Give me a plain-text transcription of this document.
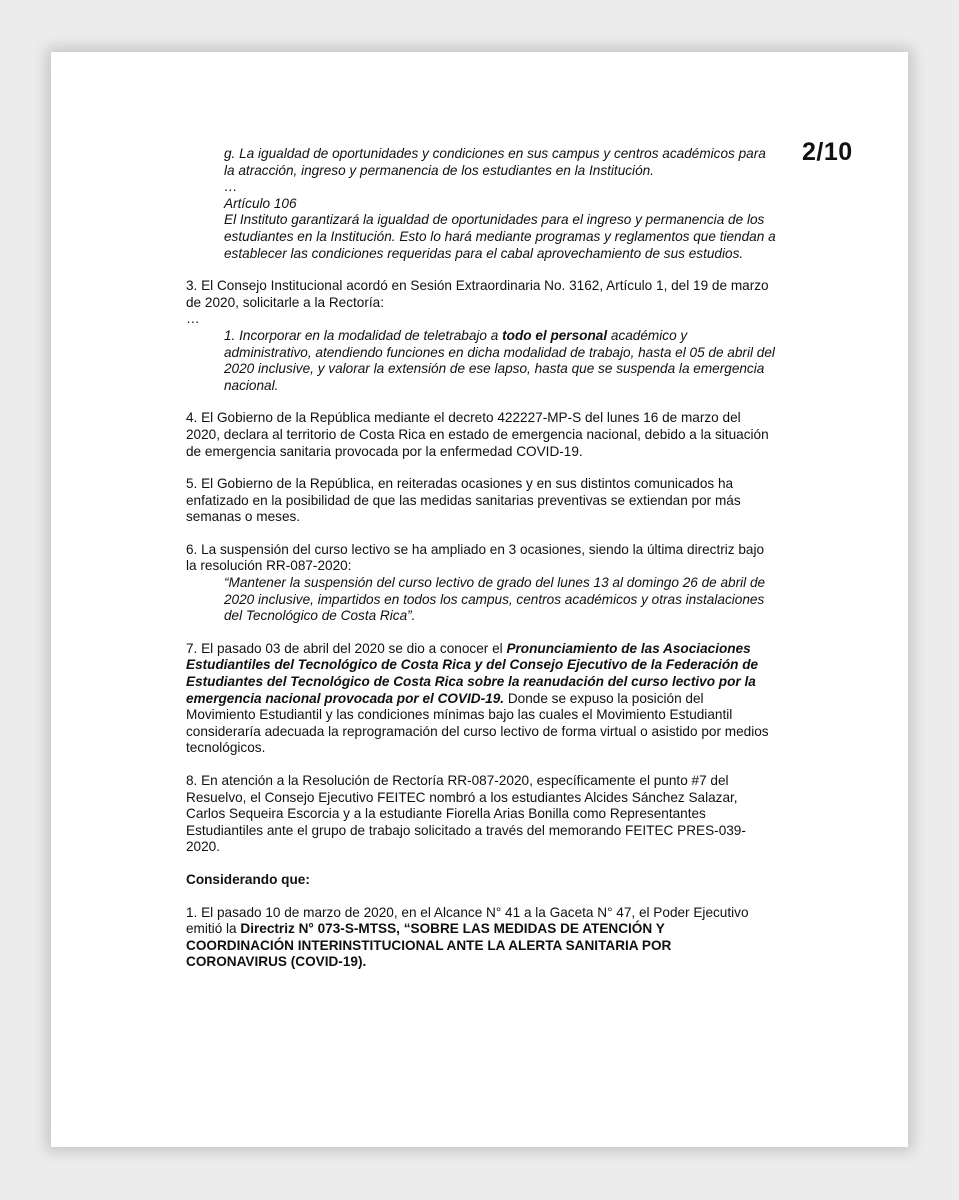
2/10

g. La igualdad de oportunidades y condiciones en sus campus y centros académicos para la atracción, ingreso y permanencia de los estudiantes en la Institución.

…

Artículo 106

El Instituto garantizará la igualdad de oportunidades para el ingreso y permanencia de los estudiantes en la Institución. Esto lo hará mediante programas y reglamentos que tiendan a establecer las condiciones requeridas para el cabal aprovechamiento de sus estudios.

3. El Consejo Institucional acordó en Sesión Extraordinaria No. 3162, Artículo 1, del 19 de marzo de 2020, solicitarle a la Rectoría:

…

1. Incorporar en la modalidad de teletrabajo a todo el personal académico y administrativo, atendiendo funciones en dicha modalidad de trabajo, hasta el 05 de abril del 2020 inclusive, y valorar la extensión de ese lapso, hasta que se suspenda la emergencia nacional.

4. El Gobierno de la República mediante el decreto 422227-MP-S del lunes 16 de marzo del 2020, declara al territorio de Costa Rica en estado de emergencia nacional, debido a la situación de emergencia sanitaria provocada por la enfermedad COVID-19.

5. El Gobierno de la República, en reiteradas ocasiones y en sus distintos comunicados ha enfatizado en la posibilidad de que las medidas sanitarias preventivas se extiendan por más semanas o meses.

6. La suspensión del curso lectivo se ha ampliado en 3 ocasiones, siendo la última directriz bajo la resolución RR-087-2020:

“Mantener la suspensión del curso lectivo de grado del lunes 13 al domingo 26 de abril de 2020 inclusive, impartidos en todos los campus, centros académicos y otras instalaciones del Tecnológico de Costa Rica”.

7. El pasado 03 de abril del 2020 se dio a conocer el Pronunciamiento de las Asociaciones Estudiantiles del Tecnológico de Costa Rica y del Consejo Ejecutivo de la Federación de Estudiantes del Tecnológico de Costa Rica sobre la reanudación del curso lectivo por la emergencia nacional provocada por el COVID-19. Donde se expuso la posición del Movimiento Estudiantil y las condiciones mínimas bajo las cuales el Movimiento Estudiantil consideraría adecuada la reprogramación del curso lectivo de forma virtual o asistido por medios tecnológicos.

8. En atención a la Resolución de Rectoría RR-087-2020, específicamente el punto #7 del Resuelvo, el Consejo Ejecutivo FEITEC nombró a los estudiantes Alcides Sánchez Salazar, Carlos Sequeira Escorcia y a la estudiante Fiorella Arias Bonilla como Representantes Estudiantiles ante el grupo de trabajo solicitado a través del memorando FEITEC PRES-039-2020.

Considerando que:

1. El pasado 10 de marzo de 2020, en el Alcance N° 41 a la Gaceta N° 47, el Poder Ejecutivo emitió la Directriz N° 073-S-MTSS, “SOBRE LAS MEDIDAS DE ATENCIÓN Y COORDINACIÓN INTERINSTITUCIONAL ANTE LA ALERTA SANITARIA POR CORONAVIRUS (COVID-19).
